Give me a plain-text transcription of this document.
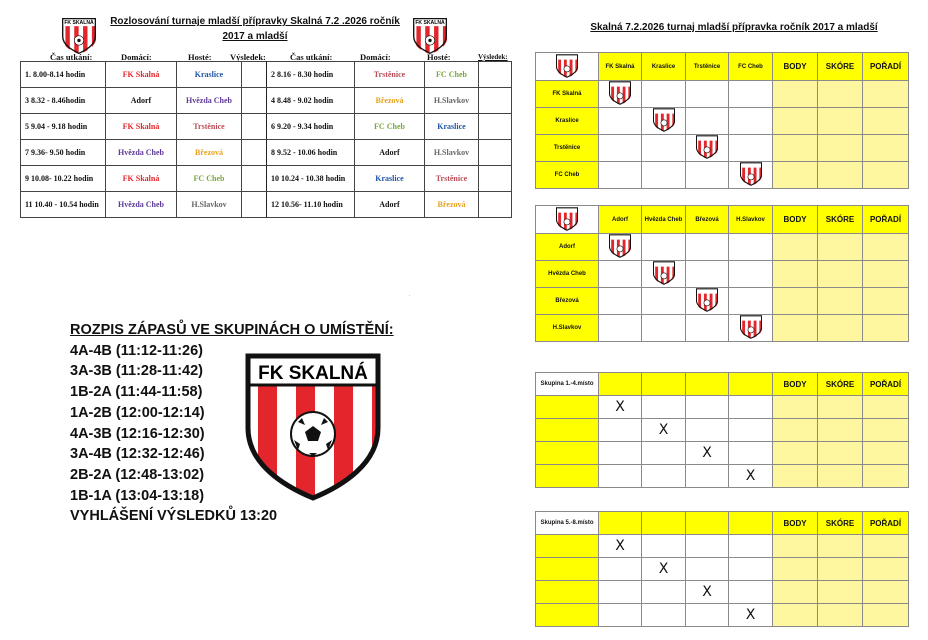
FK SKALNÁ	FK SKALNÁ
Rozlosování turnaje mladší přípravky Skalná 7.2 .2026 ročník
2017 a mladší
Čas utkání:	Domácí:	Hosté: Výsledek:	Čas utkání:	Domácí:	Hosté:	Výsledek:
1. 8.00-8.14 hodin	FK Skalná	Kraslice		2 8.16 - 8.30 hodin	Trstěnice	FC Cheb	
3 8.32 - 8.46hodin	Adorf	Hvězda Cheb		4 8.48 - 9.02 hodin	Březová	H.Slavkov	
5 9.04 - 9.18 hodin	FK Skalná	Trstěnice		6 9.20 - 9.34 hodin	FC Cheb	Kraslice	
7 9.36- 9.50 hodin	Hvězda Cheb	Březová		8 9.52 - 10.06 hodin	Adorf	H.Slavkov	
9 10.08- 10.22 hodin	FK Skalná	FC Cheb		10 10.24 - 10.38 hodin	Kraslice	Trstěnice	
11 10.40 - 10.54 hodin	Hvězda Cheb	H.Slavkov		12 10.56- 11.10 hodin	Adorf	Březová	
.
ROZPIS ZÁPASŮ VE SKUPINÁCH O UMÍSTĚNÍ:
4A-4B (11:12-11:26)
3A-3B (11:28-11:42)
1B-2A (11:44-11:58)
1A-2B (12:00-12:14)
4A-3B (12:16-12:30)
3A-4B (12:32-12:46)
2B-2A (12:48-13:02)
1B-1A (13:04-13:18)
VYHLÁŠENÍ VÝSLEDKŮ 13:20
FK SKALNÁ
Skalná 7.2.2026 turnaj mladší přípravka ročník 2017 a mladší
	FK Skalná	Kraslice	Trstěnice	FC Cheb	BODY	SKÓRE	POŘADÍ
FK Skalná							
Kraslice							
Trstěnice							
FC Cheb							
	Adorf	Hvězda Cheb	Březová	H.Slavkov	BODY	SKÓRE	POŘADÍ
Adorf							
Hvězda Cheb							
Březová							
H.Slavkov							
Skupina 1.-4.místo					BODY	SKÓRE	POŘADÍ
	X						
		X					
			X				
				X			
Skupina 5.-8.místo					BODY	SKÓRE	POŘADÍ
	X						
		X					
			X				
				X			
